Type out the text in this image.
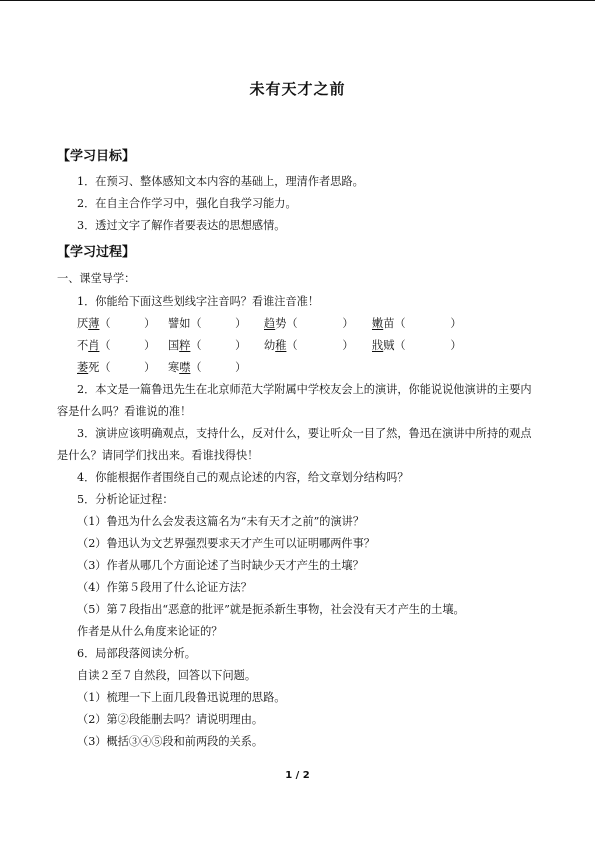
未有天才之前
【学习目标】
1．在预习、整体感知文本内容的基础上，理清作者思路。
2．在自主合作学习中，强化自我学习能力。
3．透过文字了解作者要表达的思想感情。
【学习过程】
一、课堂导学：
1．你能给下面这些划线字注音吗？看谁注音准！
厌薄（　　　） 譬如（　　　） 趋势（　　　　） 嫩苗（　　　　）
不肖（　　　） 国粹（　　　） 幼稚（　　　　） 戕贼（　　　　）
萎死（　　　） 寒噤（　　　）
2．本文是一篇鲁迅先生在北京师范大学附属中学校友会上的演讲，你能说说他演讲的主要内容是什么吗？看谁说的准！
3．演讲应该明确观点，支持什么，反对什么，要让听众一目了然，鲁迅在演讲中所持的观点是什么？请同学们找出来。看谁找得快！
4．你能根据作者围绕自己的观点论述的内容，给文章划分结构吗？
5．分析论证过程：
（1）鲁迅为什么会发表这篇名为“未有天才之前”的演讲？
（2）鲁迅认为文艺界强烈要求天才产生可以证明哪两件事？
（3）作者从哪几个方面论述了当时缺少天才产生的土壤？
（4）作第５段用了什么论证方法？
（5）第７段指出“恶意的批评”就是扼杀新生事物，社会没有天才产生的土壤。
作者是从什么角度来论证的？
6．局部段落阅读分析。
自读２至７自然段，回答以下问题。
（1）梳理一下上面几段鲁迅说理的思路。
（2）第②段能删去吗？请说明理由。
（3）概括③④⑤段和前两段的关系。
1 / 2
